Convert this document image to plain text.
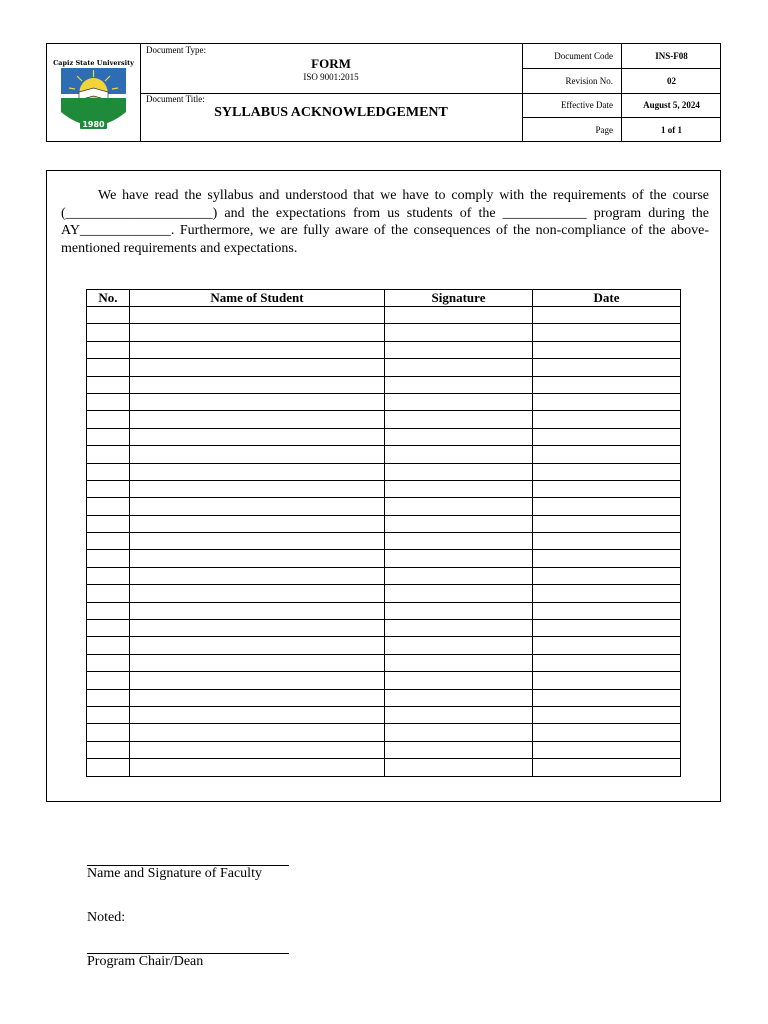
Capiz State University
1980
Document Type:
FORM
ISO 9001:2015
Document Title:
SYLLABUS ACKNOWLEDGEMENT
Document Code	INS-F08
Revision No.	02
Effective Date	August 5, 2024
Page	1 of 1
We have read the syllabus and understood that we have to comply with the requirements of the course (_____________________) and the expectations from us students of the ____________ program during the AY_____________. Furthermore, we are fully aware of the consequences of the non-compliance of the above-mentioned requirements and expectations.
No.	Name of Student	Signature	Date

Name and Signature of Faculty
Noted:
Program Chair/Dean
